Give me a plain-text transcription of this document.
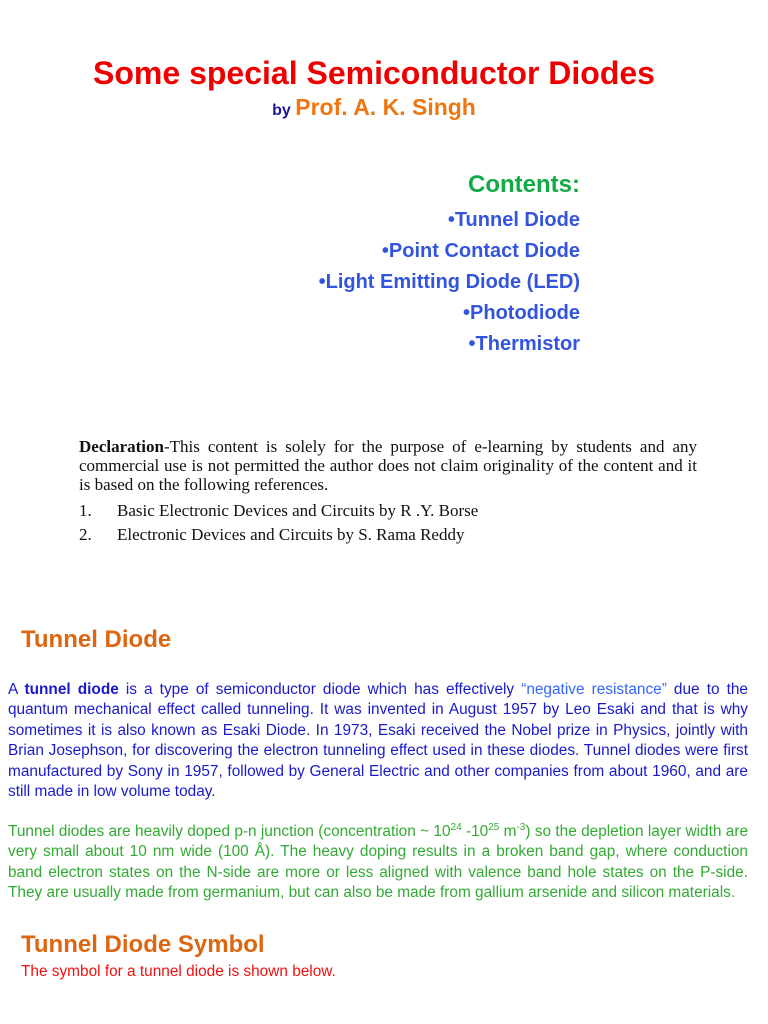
Some special Semiconductor Diodes
by Prof. A. K. Singh
Contents:
•Tunnel Diode
•Point Contact Diode
•Light Emitting Diode (LED)
•Photodiode
•Thermistor

Declaration-This content is solely for the purpose of e-learning by students and any commercial use is not permitted the author does not claim originality of the content and it is based on the following references.

1. Basic Electronic Devices and Circuits by R .Y. Borse
2. Electronic Devices and Circuits by S. Rama Reddy
Tunnel Diode

A tunnel diode is a type of semiconductor diode which has effectively “negative resistance” due to the quantum mechanical effect called tunneling. It was invented in August 1957 by Leo Esaki and that is why sometimes it is also known as Esaki Diode. In 1973, Esaki received the Nobel prize in Physics, jointly with Brian Josephson, for discovering the electron tunneling effect used in these diodes. Tunnel diodes were first manufactured by Sony in 1957, followed by General Electric and other companies from about 1960, and are still made in low volume today.

Tunnel diodes are heavily doped p-n junction (concentration ~ $10^{24}$ $-10^{25}$ $m^{-3}$) so the depletion layer width are very small about 10 nm wide (100 Å). The heavy doping results in a broken band gap, where conduction band electron states on the N-side are more or less aligned with valence band hole states on the P-side. They are usually made from germanium, but can also be made from gallium arsenide and silicon materials.

Tunnel Diode Symbol
The symbol for a tunnel diode is shown below.
